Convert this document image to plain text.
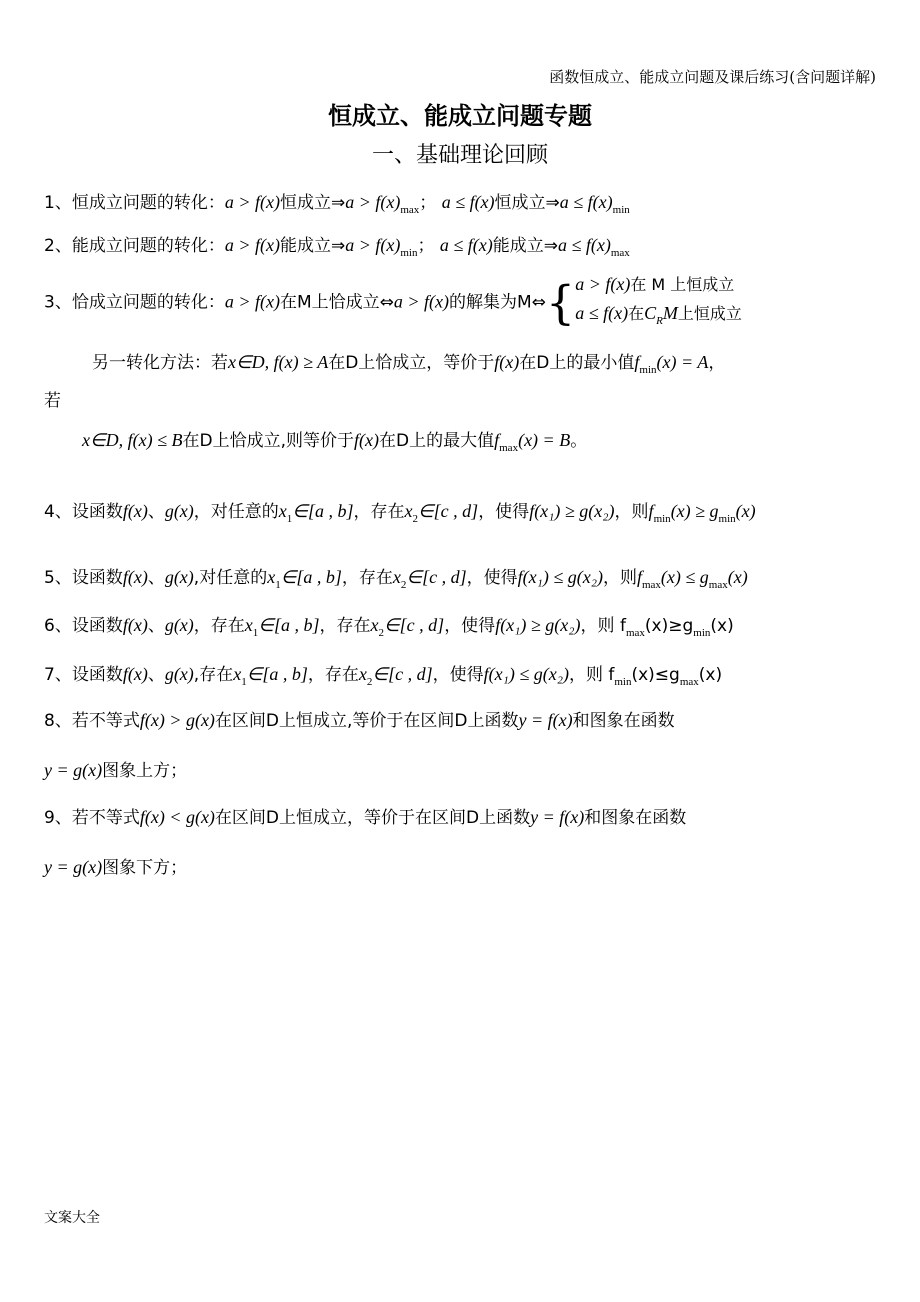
函数恒成立、能成立问题及课后练习(含问题详解)
恒成立、能成立问题专题
一、基础理论回顾
1、恒成立问题的转化：a > f(x)恒成立⇒a > $f(x)_{max}$； a ≤ f(x)恒成立⇒a ≤ $f(x)_{min}$
2、能成立问题的转化：a > f(x)能成立⇒a > $f(x)_{min}$； a ≤ f(x)能成立⇒a ≤ $f(x)_{max}$
另一转化方法：若x∈D, f(x) ≥ A在D上恰成立，等价于f(x)在D上的最小值$f_{min}(x) = A$，
若
x∈D, f(x) ≤ B在D上恰成立,则等价于f(x)在D上的最大值$f_{max}(x) = B$。
4、设函数f(x)、g(x)，对任意的$x_1\in[a$ , b]，存在$x_2\in[c$ , d]，使得f(x₁) ≥ g(x₂)，则$f_{min}(x) \ge g_{min}(x)$
5、设函数f(x)、g(x),对任意的$x_1\in[a$ , b]，存在$x_2\in[c$ , d]，使得f(x₁) ≤ g(x₂)，则$f_{max}(x) \le g_{max}(x)$
6、设函数f(x)、g(x)，存在$x_1\in[a$ , b]，存在$x_2\in[c$ , d]，使得f(x₁) ≥ g(x₂)，则 $f_{max}(x)\ge g_{min}(x)$
7、设函数f(x)、g(x),存在$x_1\in[a$ , b]，存在$x_2\in[c$ , d]，使得f(x₁) ≤ g(x₂)，则 $f_{min}(x)\le g_{max}(x)$
8、若不等式f(x) > g(x)在区间D上恒成立,等价于在区间D上函数y = f(x)和图象在函数
y = g(x)图象上方；
9、若不等式f(x) < g(x)在区间D上恒成立，等价于在区间D上函数y = f(x)和图象在函数
y = g(x)图象下方；
3、恰成立问题的转化：a > f(x)在M上恰成立⇔a > f(x)的解集为M⇔{ a > f(x)在 M 上恒成立
a ≤ f(x)在$C_RM$上恒成立
文案大全
